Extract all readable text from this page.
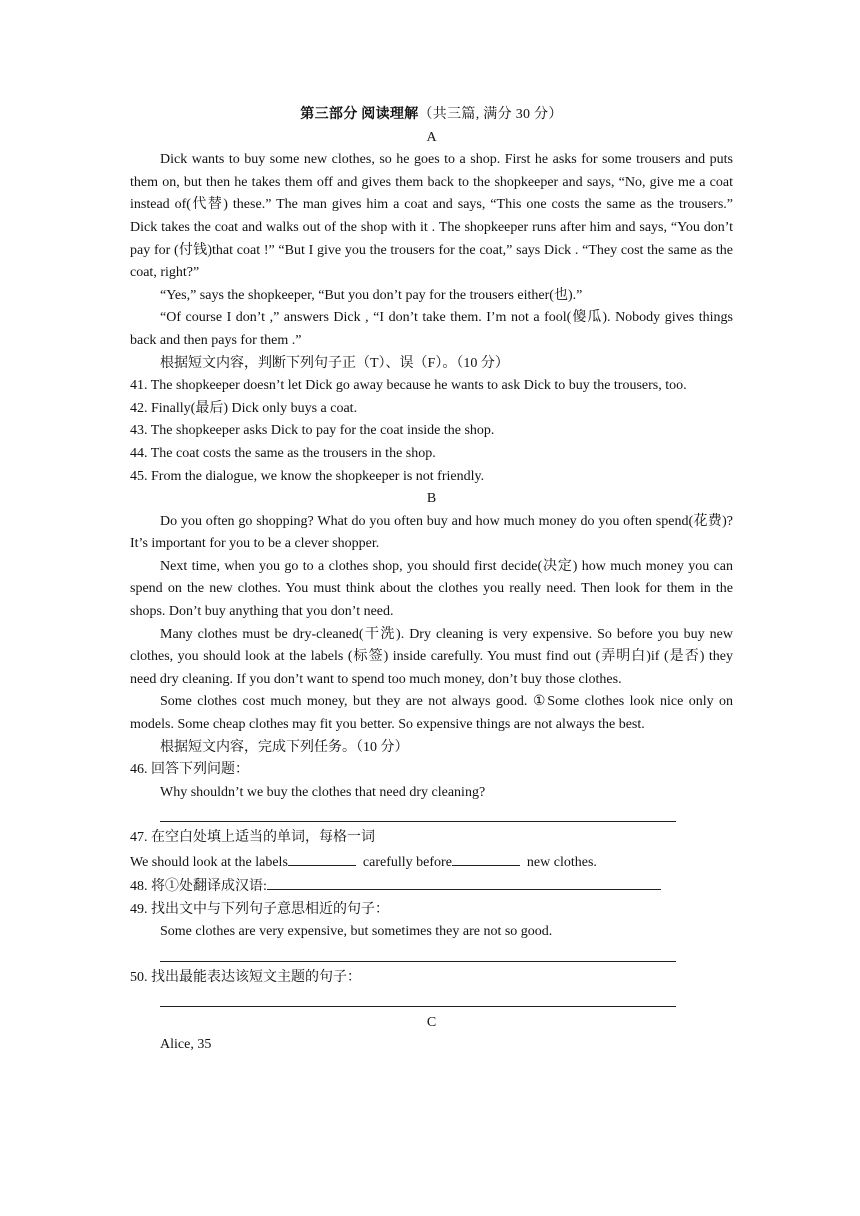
第三部分 阅读理解（共三篇, 满分 30 分）
A

Dick wants to buy some new clothes, so he goes to a shop. First he asks for some trousers and puts them on, but then he takes them off and gives them back to the shopkeeper and says, “No, give me a coat instead of(代替) these.” The man gives him a coat and says, “This one costs the same as the trousers.” Dick takes the coat and walks out of the shop with it . The shopkeeper runs after him and says, “You don’t pay for (付钱)that coat !” “But I give you the trousers for the coat,” says Dick . “They cost the same as the coat, right?”

“Yes,” says the shopkeeper, “But you don’t pay for the trousers either(也).”

“Of course I don’t ,” answers Dick , “I don’t take them. I’m not a fool(傻瓜). Nobody gives things back and then pays for them .”

根据短文内容，判断下列句子正（T）、误（F）。（10 分）

41. The shopkeeper doesn’t let Dick go away because he wants to ask Dick to buy the trousers, too.

42. Finally(最后) Dick only buys a coat.

43. The shopkeeper asks Dick to pay for the coat inside the shop.

44. The coat costs the same as the trousers in the shop.

45. From the dialogue, we know the shopkeeper is not friendly.

B

Do you often go shopping? What do you often buy and how much money do you often spend(花费)? It’s important for you to be a clever shopper.

Next time, when you go to a clothes shop, you should first decide(决定) how much money you can spend on the new clothes. You must think about the clothes you really need. Then look for them in the shops. Don’t buy anything that you don’t need.

Many clothes must be dry-cleaned(干洗). Dry cleaning is very expensive. So before you buy new clothes, you should look at the labels (标签) inside carefully. You must find out (弄明白)if (是否) they need dry cleaning. If you don’t want to spend too much money, don’t buy those clothes.

Some clothes cost much money, but they are not always good. ①Some clothes look nice only on models. Some cheap clothes may fit you better. So expensive things are not always the best.

根据短文内容，完成下列任务。（10 分）

46. 回答下列问题：

Why shouldn’t we buy the clothes that need dry cleaning?

47. 在空白处填上适当的单词，每格一词

We should look at the labels	carefully before	new clothes.

48. 将①处翻译成汉语:

49. 找出文中与下列句子意思相近的句子：

Some clothes are very expensive, but sometimes they are not so good.

50. 找出最能表达该短文主题的句子：

C

Alice, 35
